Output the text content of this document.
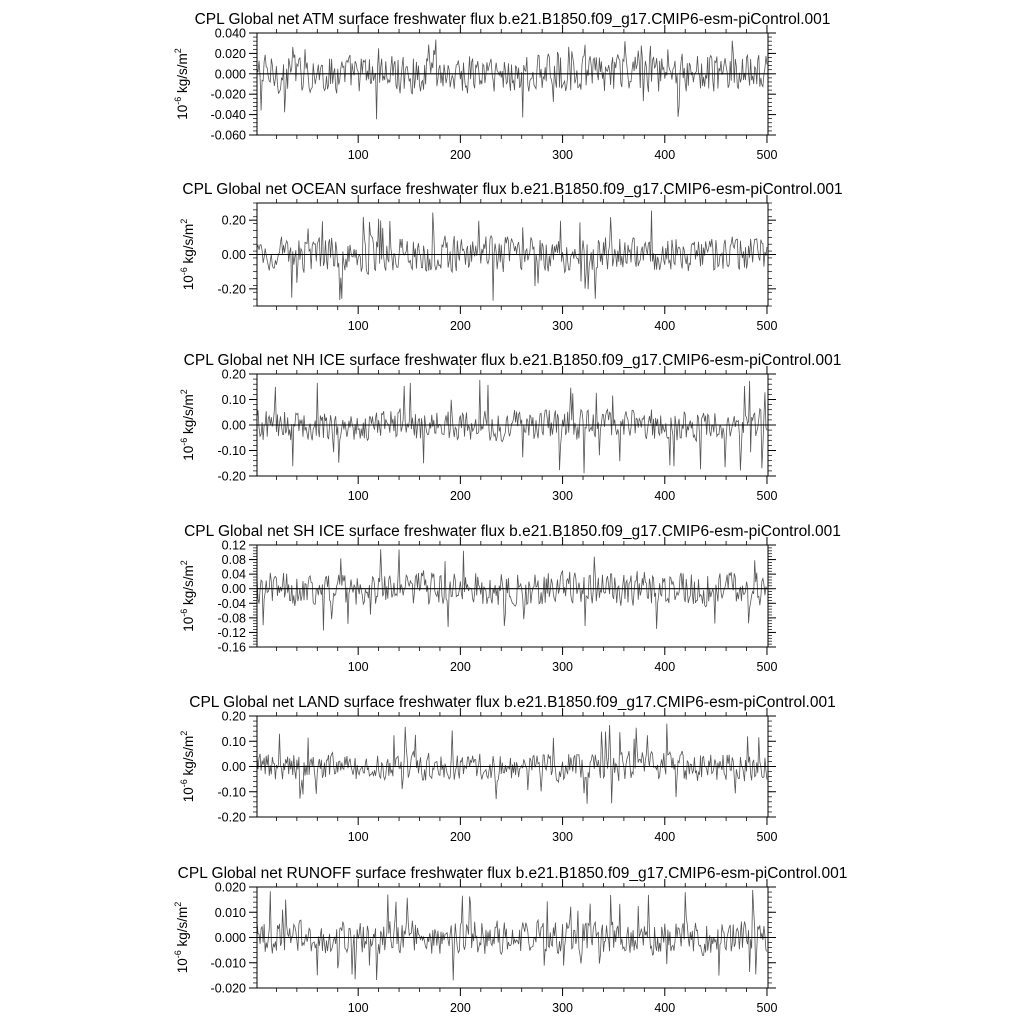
CPL Global net ATM surface freshwater flux b.e21.B1850.f09_g17.CMIP6-esm-piControl.001
100	200	300	400	500
-0.060
-0.040
-0.020
0.000
0.020
0.040
$10^{-6}$ $kg/s/m^2$
CPL Global net OCEAN surface freshwater flux b.e21.B1850.f09_g17.CMIP6-esm-piControl.001
100	200	300	400	500
-0.20
0.00
0.20
$10^{-6}$ $kg/s/m^2$
CPL Global net NH ICE surface freshwater flux b.e21.B1850.f09_g17.CMIP6-esm-piControl.001
100	200	300	400	500
-0.20
-0.10
0.00
0.10
0.20
$10^{-6}$ $kg/s/m^2$
CPL Global net SH ICE surface freshwater flux b.e21.B1850.f09_g17.CMIP6-esm-piControl.001
100	200	300	400	500
-0.16
-0.12
-0.08
-0.04
0.00
0.04
0.08
0.12
$10^{-6}$ $kg/s/m^2$
CPL Global net LAND surface freshwater flux b.e21.B1850.f09_g17.CMIP6-esm-piControl.001
100	200	300	400	500
-0.20
-0.10
0.00
0.10
0.20
$10^{-6}$ $kg/s/m^2$
CPL Global net RUNOFF surface freshwater flux b.e21.B1850.f09_g17.CMIP6-esm-piControl.001
100	200	300	400	500
-0.020
-0.010
0.000
0.010
0.020
$10^{-6}$ $kg/s/m^2$
